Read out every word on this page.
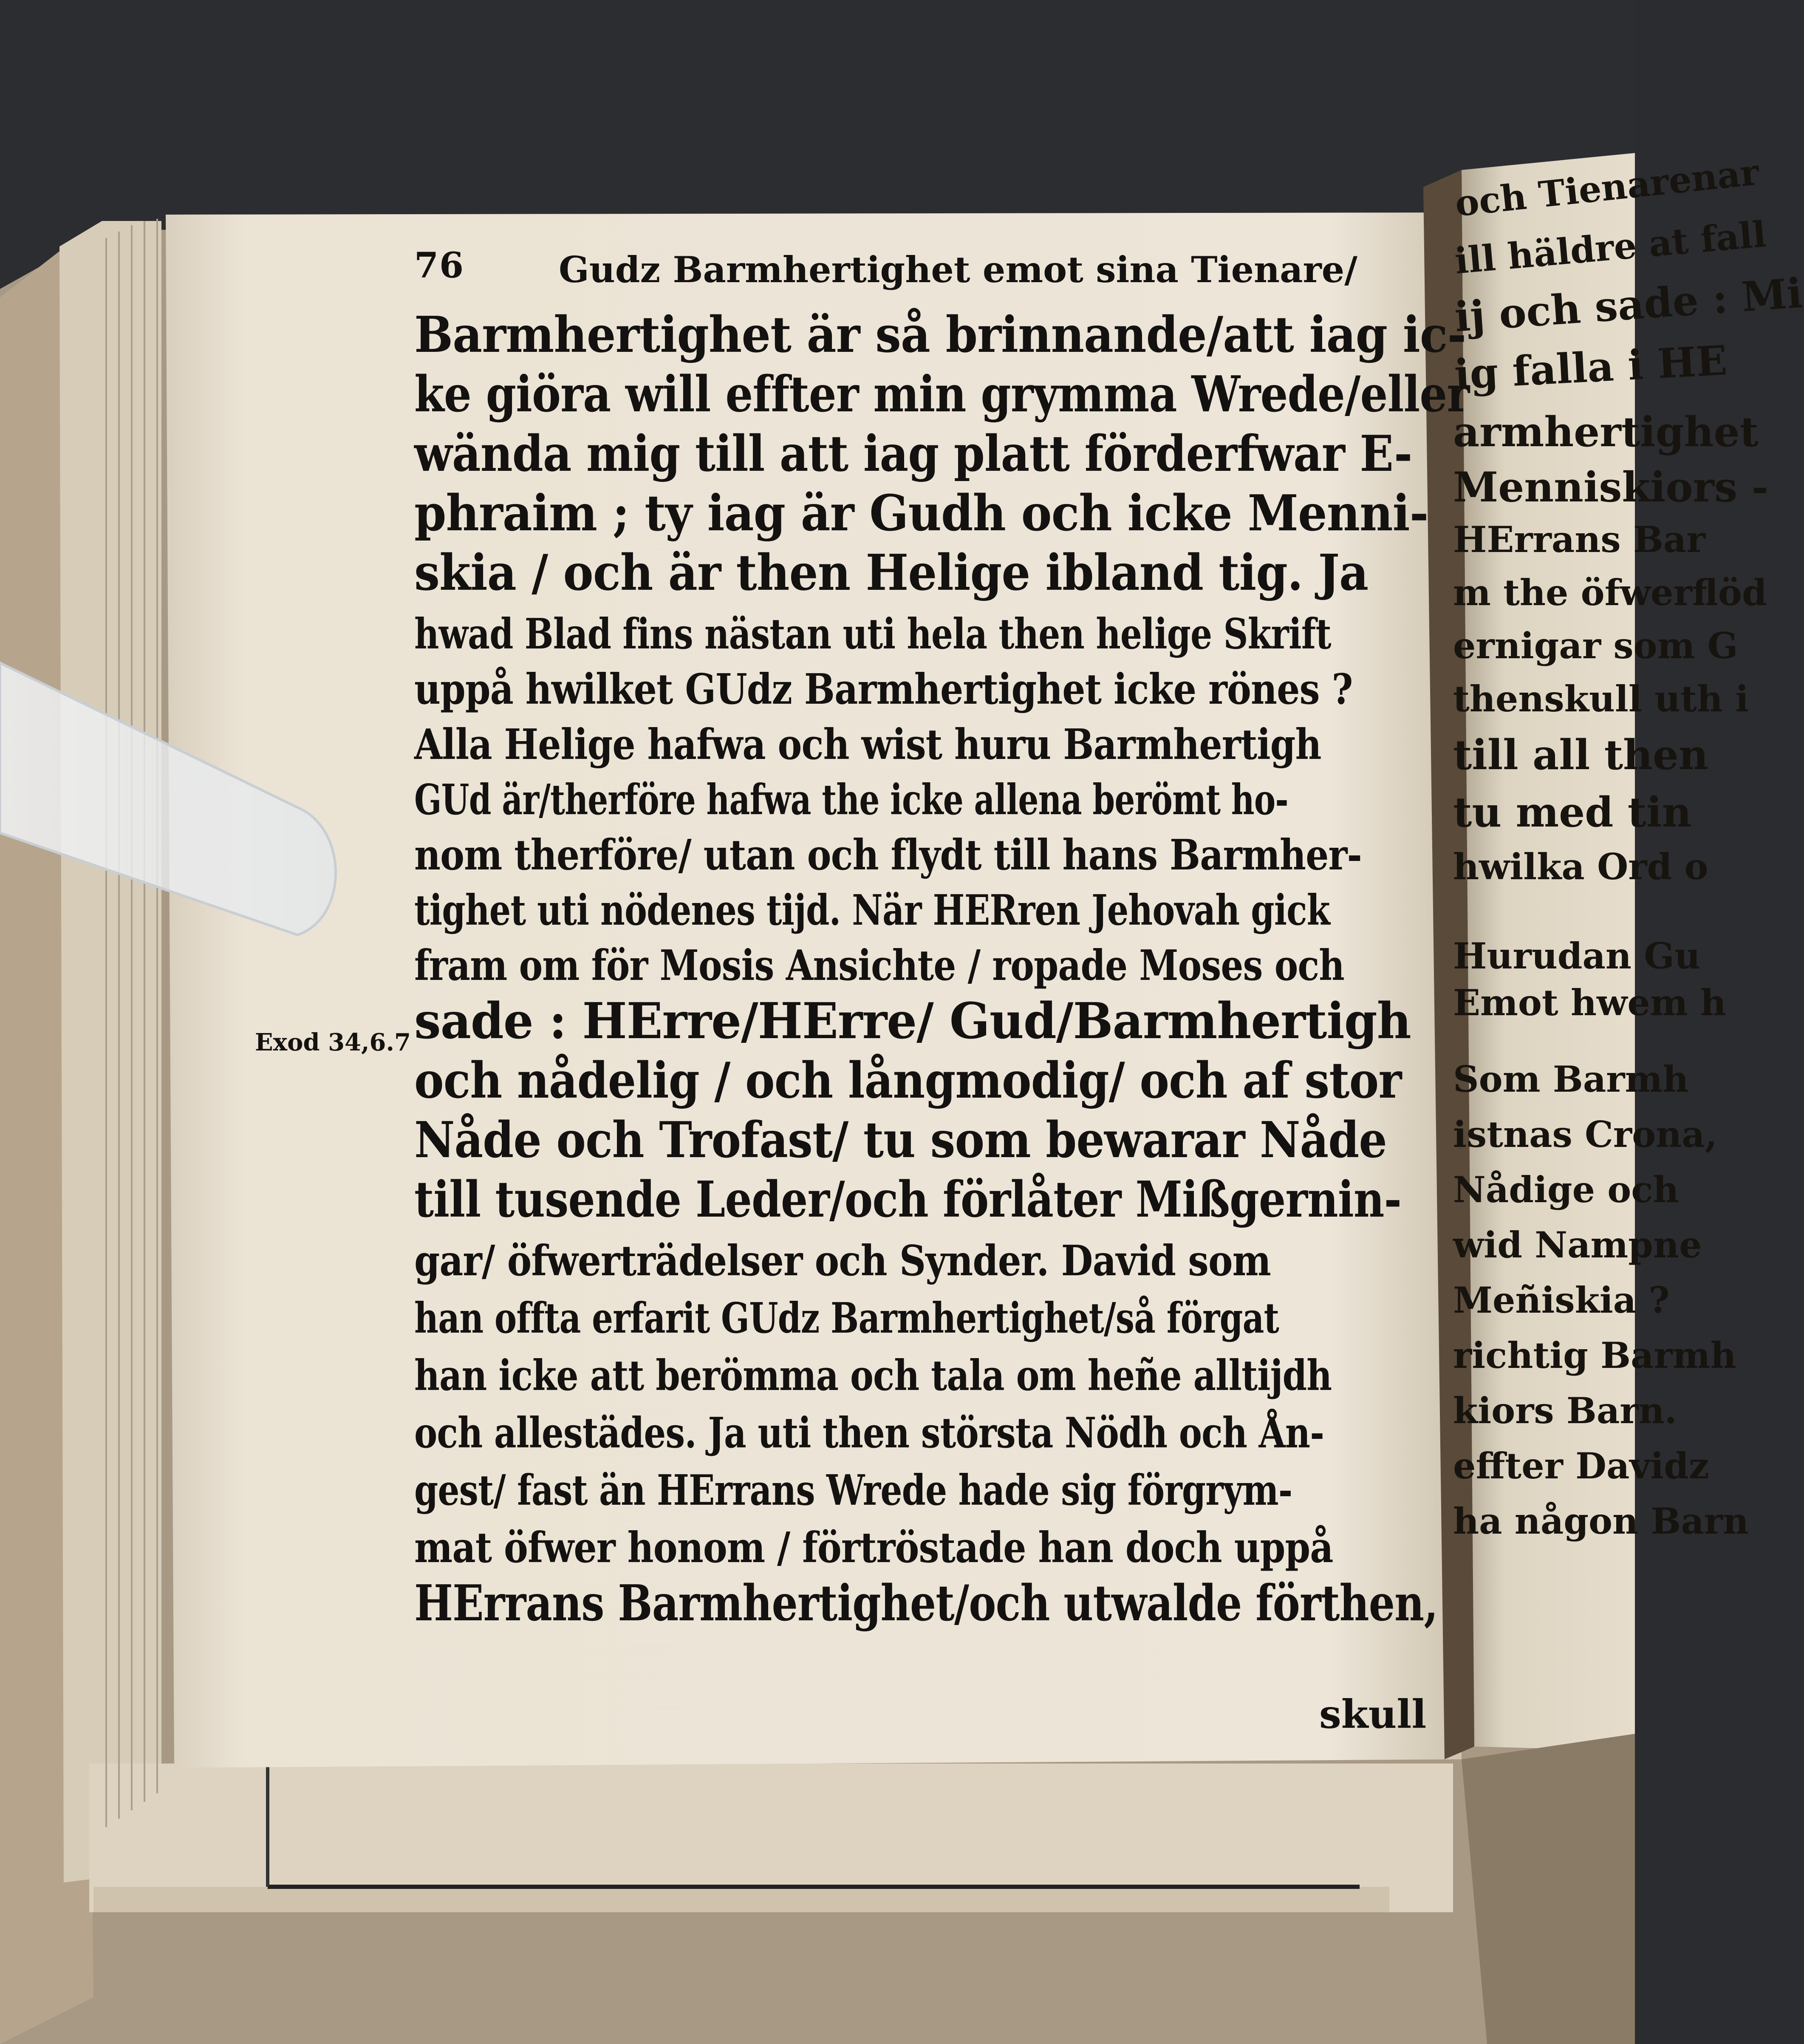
76	Gudz Barmhertighet emot sina Tienare/
Barmhertighet är så brinnande/att iag ic-
ke giöra will effter min grymma Wrede/eller
wända mig till att iag platt förderfwar E-
phraim ; ty iag är Gudh och icke Menni-
skia / och är then Helige ibland tig. Ja
hwad Blad fins nästan uti hela then helige Skrift
uppå hwilket GUdz Barmhertighet icke rönes ?
Alla Helige hafwa och wist huru Barmhertigh
GUd är/therföre hafwa the icke allena berömt ho-
nom therföre/ utan och flydt till hans Barmher-
tighet uti nödenes tijd. När HERren Jehovah gick
fram om för Mosis Ansichte / ropade Moses och
sade : HErre/HErre/ Gud/Barmhertigh
och nådelig / och långmodig/ och af stor
Nåde och Trofast/ tu som bewarar Nåde
till tusende Leder/och förlåter Mißgernin-
gar/ öfwerträdelser och Synder. David som
han offta erfarit GUdz Barmhertighet/så förgat
han icke att berömma och tala om heñe alltijdh
och allestädes. Ja uti then största Nödh och Ån-
gest/ fast än HErrans Wrede hade sig förgrym-
mat öfwer honom / förtröstade han doch uppå
HErrans Barmhertighet/och utwalde förthen,
skull
Exod 34,6.7
och Tienarenar
ill häldre at fall
ij och sade : Mi
ig falla i HE
armhertighet
Menniskiors -
HErrans Bar
m the öfwerflöd
ernigar som G
thenskull uth i
till all then
tu med tin
hwilka Ord o
Hurudan Gu
Emot hwem h
Som Barmh
istnas Crona,
Nådige och
wid Nampne
Meñiskia ?
richtig Barmh
kiors Barn.
effter Davidz
ha någon Barn
